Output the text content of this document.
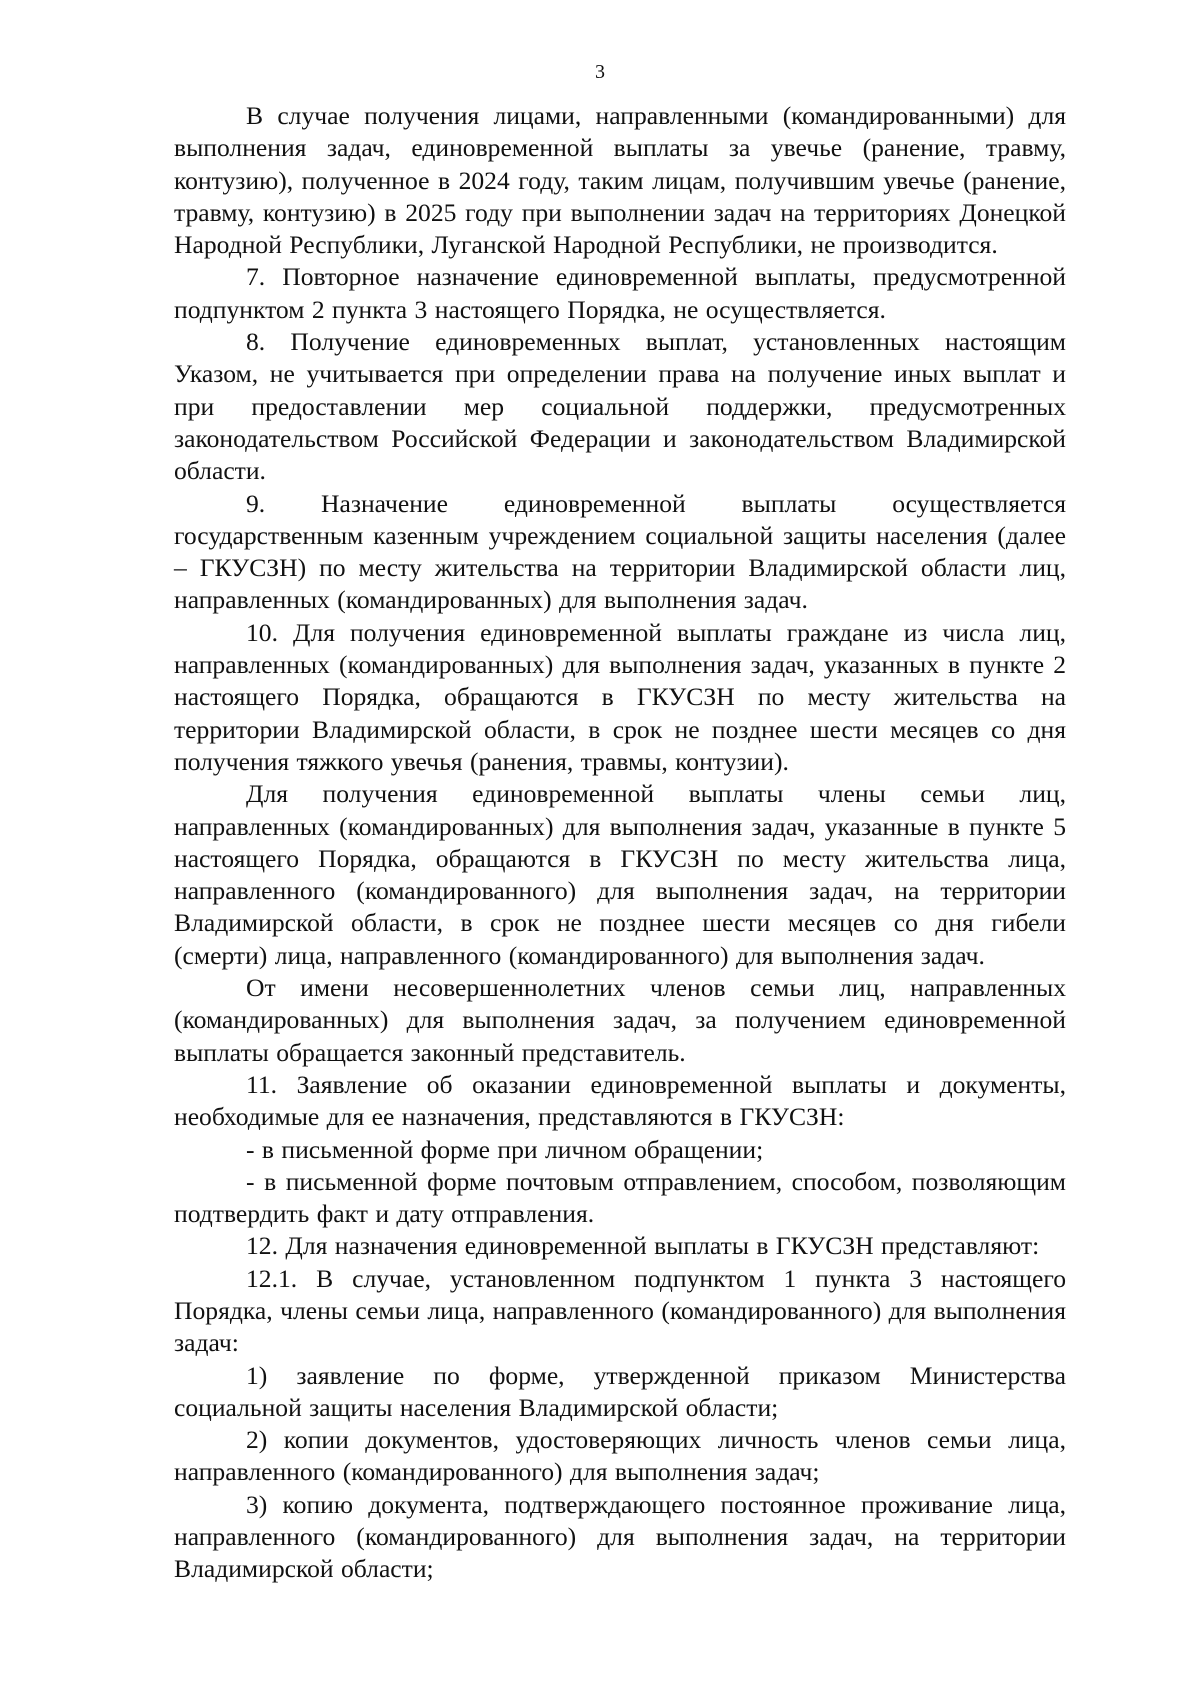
3

В случае получения лицами, направленными (командированными) для выполнения задач, единовременной выплаты за увечье (ранение, травму, контузию), полученное в 2024 году, таким лицам, получившим увечье (ранение, травму, контузию) в 2025 году при выполнении задач на территориях Донецкой Народной Республики, Луганской Народной Республики, не производится.

7. Повторное назначение единовременной выплаты, предусмотренной подпунктом 2 пункта 3 настоящего Порядка, не осуществляется.

8. Получение единовременных выплат, установленных настоящим Указом, не учитывается при определении права на получение иных выплат и при предоставлении мер социальной поддержки, предусмотренных законодательством Российской Федерации и законодательством Владимирской области.

9. Назначение единовременной выплаты осуществляется государственным казенным учреждением социальной защиты населения (далее – ГКУСЗН) по месту жительства на территории Владимирской области лиц, направленных (командированных) для выполнения задач.

10. Для получения единовременной выплаты граждане из числа лиц, направленных (командированных) для выполнения задач, указанных в пункте 2 настоящего Порядка, обращаются в ГКУСЗН по месту жительства на территории Владимирской области, в срок не позднее шести месяцев со дня получения тяжкого увечья (ранения, травмы, контузии).

Для получения единовременной выплаты члены семьи лиц, направленных (командированных) для выполнения задач, указанные в пункте 5 настоящего Порядка, обращаются в ГКУСЗН по месту жительства лица, направленного (командированного) для выполнения задач, на территории Владимирской области, в срок не позднее шести месяцев со дня гибели (смерти) лица, направленного (командированного) для выполнения задач.

От имени несовершеннолетних членов семьи лиц, направленных (командированных) для выполнения задач, за получением единовременной выплаты обращается законный представитель.

11. Заявление об оказании единовременной выплаты и документы, необходимые для ее назначения, представляются в ГКУСЗН:

- в письменной форме при личном обращении;

- в письменной форме почтовым отправлением, способом, позволяющим подтвердить факт и дату отправления.

12. Для назначения единовременной выплаты в ГКУСЗН представляют:

12.1. В случае, установленном подпунктом 1 пункта 3 настоящего Порядка, члены семьи лица, направленного (командированного) для выполнения задач:

1) заявление по форме, утвержденной приказом Министерства социальной защиты населения Владимирской области;

2) копии документов, удостоверяющих личность членов семьи лица, направленного (командированного) для выполнения задач;

3) копию документа, подтверждающего постоянное проживание лица, направленного (командированного) для выполнения задач, на территории Владимирской области;
